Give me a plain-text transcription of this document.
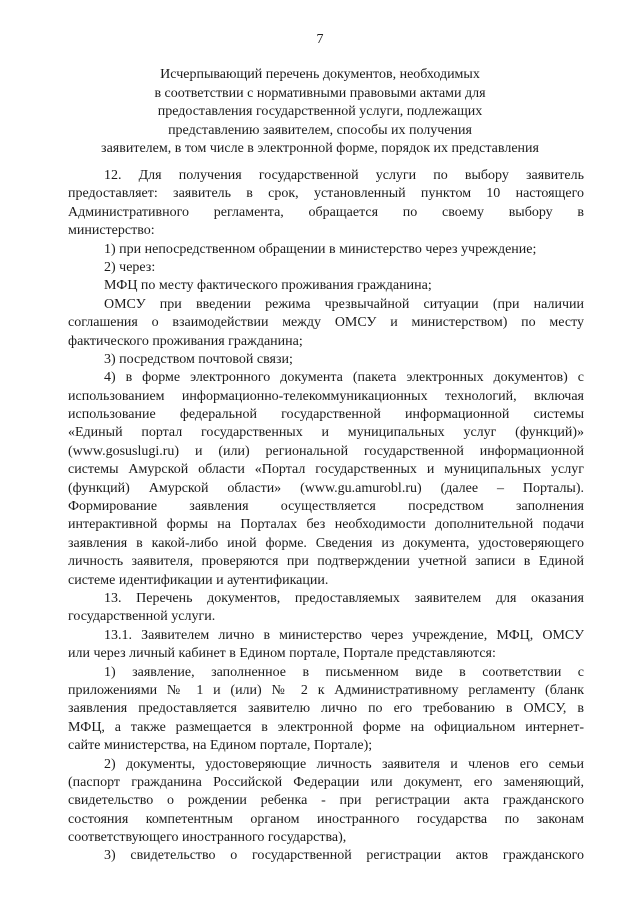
7
Исчерпывающий перечень документов, необходимых
в соответствии с нормативными правовыми актами для
предоставления государственной услуги, подлежащих
представлению заявителем, способы их получения
заявителем, в том числе в электронной форме, порядок их представления
12. Для получения государственной услуги по выбору заявитель
предоставляет: заявитель в срок, установленный пунктом 10 настоящего
Административного регламента, обращается по своему выбору в
министерство:
1) при непосредственном обращении в министерство через учреждение;
2) через:
МФЦ по месту фактического проживания гражданина;
ОМСУ при введении режима чрезвычайной ситуации (при наличии
соглашения о взаимодействии между ОМСУ и министерством) по месту
фактического проживания гражданина;
3) посредством почтовой связи;
4) в форме электронного документа (пакета электронных документов) с
использованием информационно-телекоммуникационных технологий, включая
использование федеральной государственной информационной системы
«Единый портал государственных и муниципальных услуг (функций)»
(www.gosuslugi.ru) и (или) региональной государственной информационной
системы Амурской области «Портал государственных и муниципальных услуг
(функций) Амурской области» (www.gu.amurobl.ru) (далее – Порталы).
Формирование заявления осуществляется посредством заполнения
интерактивной формы на Порталах без необходимости дополнительной подачи
заявления в какой-либо иной форме. Сведения из документа, удостоверяющего
личность заявителя, проверяются при подтверждении учетной записи в Единой
системе идентификации и аутентификации.
13. Перечень документов, предоставляемых заявителем для оказания
государственной услуги.
13.1. Заявителем лично в министерство через учреждение, МФЦ, ОМСУ
или через личный кабинет в Едином портале, Портале представляются:
1) заявление, заполненное в письменном виде в соответствии с
приложениями № 1 и (или) № 2 к Административному регламенту (бланк
заявления предоставляется заявителю лично по его требованию в ОМСУ, в
МФЦ, а также размещается в электронной форме на официальном интернет-
сайте министерства, на Едином портале, Портале);
2) документы, удостоверяющие личность заявителя и членов его семьи
(паспорт гражданина Российской Федерации или документ, его заменяющий,
свидетельство о рождении ребенка - при регистрации акта гражданского
состояния компетентным органом иностранного государства по законам
соответствующего иностранного государства),
3) свидетельство о государственной регистрации актов гражданского
